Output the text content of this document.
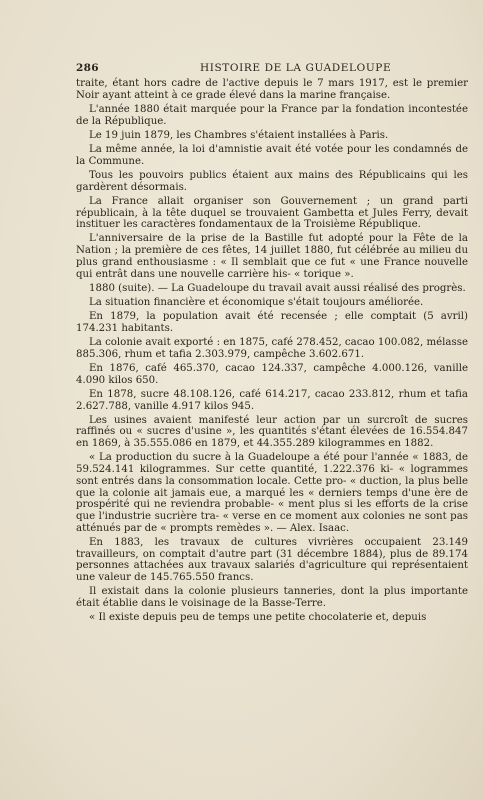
286	HISTOIRE DE LA GUADELOUPE

traite, étant hors cadre de l'active depuis le 7 mars 1917, est le premier Noir ayant atteint à ce grade élevé dans la marine française.

L'année 1880 était marquée pour la France par la fondation incontestée de la République.

Le 19 juin 1879, les Chambres s'étaient installées à Paris.

La même année, la loi d'amnistie avait été votée pour les condamnés de la Commune.

Tous les pouvoirs publics étaient aux mains des Républicains qui les gardèrent désormais.

La France allait organiser son Gouvernement ; un grand parti républicain, à la tête duquel se trouvaient Gambetta et Jules Ferry, devait instituer les caractères fondamentaux de la Troisième République.

L'anniversaire de la prise de la Bastille fut adopté pour la Fête de la Nation ; la première de ces fêtes, 14 juillet 1880, fut célébrée au milieu du plus grand enthousiasme : « Il semblait que ce fut « une France nouvelle qui entrât dans une nouvelle carrière his- « torique ».

1880 (suite). — La Guadeloupe du travail avait aussi réalisé des progrès.

La situation financière et économique s'était toujours améliorée.

En 1879, la population avait été recensée ; elle comptait (5 avril) 174.231 habitants.

La colonie avait exporté : en 1875, café 278.452, cacao 100.082, mélasse 885.306, rhum et tafia 2.303.979, campêche 3.602.671.

En 1876, café 465.370, cacao 124.337, campêche 4.000.126, vanille 4.090 kilos 650.

En 1878, sucre 48.108.126, café 614.217, cacao 233.812, rhum et tafia 2.627.788, vanille 4.917 kilos 945.

Les usines avaient manifesté leur action par un surcroît de sucres raffinés ou « sucres d'usine », les quantités s'étant élevées de 16.554.847 en 1869, à 35.555.086 en 1879, et 44.355.289 kilogrammes en 1882.

« La production du sucre à la Guadeloupe a été pour l'année « 1883, de 59.524.141 kilogrammes. Sur cette quantité, 1.222.376 ki- « logrammes sont entrés dans la consommation locale. Cette pro- « duction, la plus belle que la colonie ait jamais eue, a marqué les « derniers temps d'une ère de prospérité qui ne reviendra probable- « ment plus si les efforts de la crise que l'industrie sucrière tra- « verse en ce moment aux colonies ne sont pas atténués par de « prompts remèdes ». — Alex. Isaac.

En 1883, les travaux de cultures vivrières occupaient 23.149 travailleurs, on comptait d'autre part (31 décembre 1884), plus de 89.174 personnes attachées aux travaux salariés d'agriculture qui représentaient une valeur de 145.765.550 francs.

Il existait dans la colonie plusieurs tanneries, dont la plus importante était établie dans le voisinage de la Basse-Terre.

« Il existe depuis peu de temps une petite chocolaterie et, depuis
